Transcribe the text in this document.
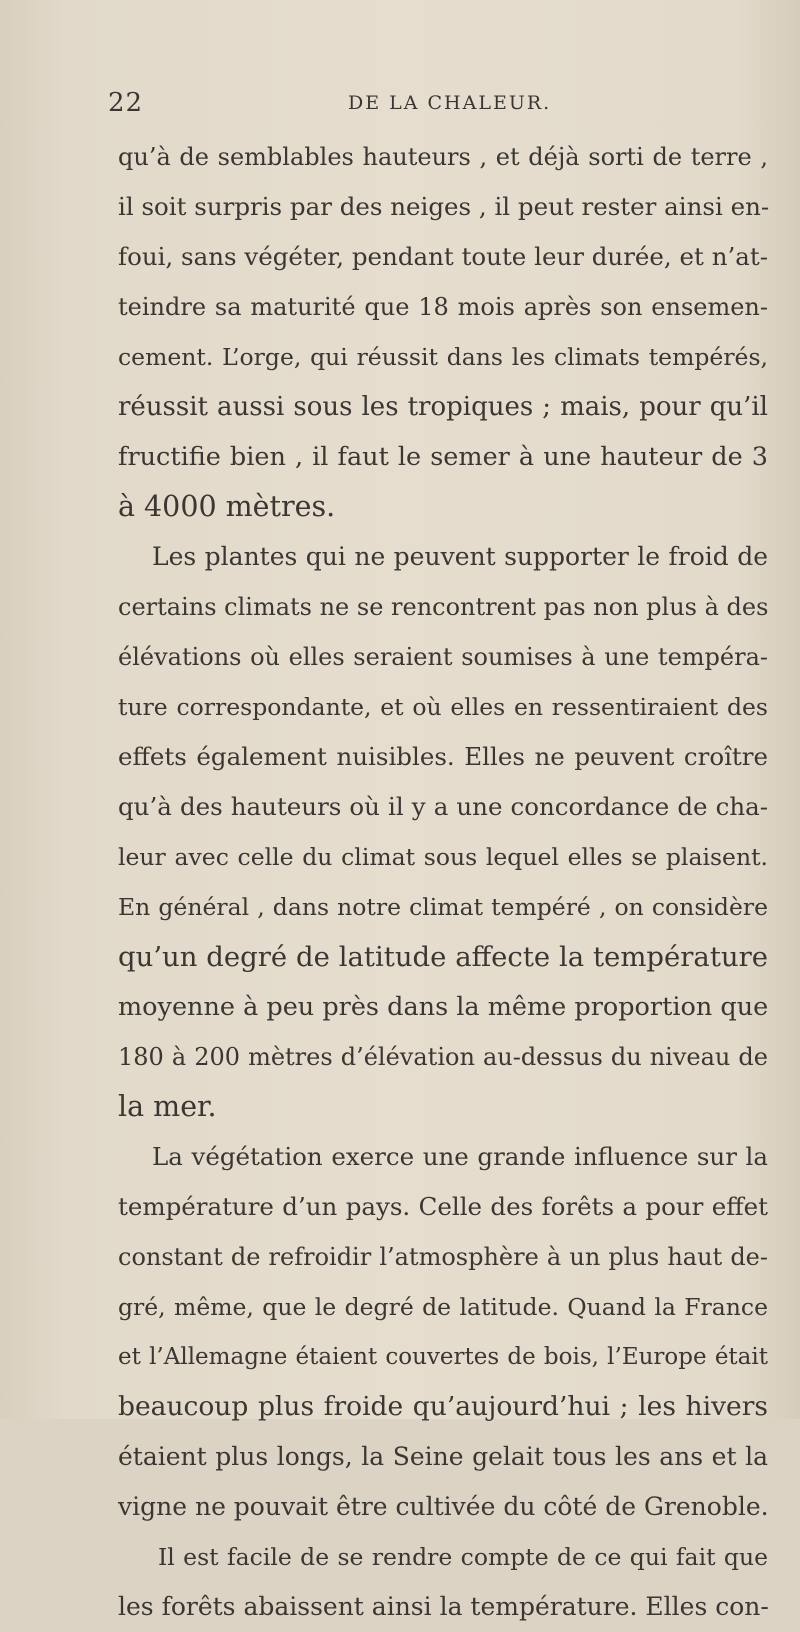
22	DE LA CHALEUR.
qu’à de semblables hauteurs , et déjà sorti de terre ,
il soit surpris par des neiges , il peut rester ainsi en-
foui, sans végéter, pendant toute leur durée, et n’at-
teindre sa maturité que 18 mois après son ensemen-
cement. L’orge, qui réussit dans les climats tempérés,
réussit aussi sous les tropiques ; mais, pour qu’il
fructifie bien , il faut le semer à une hauteur de 3
à 4000 mètres.
Les plantes qui ne peuvent supporter le froid de
certains climats ne se rencontrent pas non plus à des
élévations où elles seraient soumises à une tempéra-
ture correspondante, et où elles en ressentiraient des
effets également nuisibles. Elles ne peuvent croître
qu’à des hauteurs où il y a une concordance de cha-
leur avec celle du climat sous lequel elles se plaisent.
En général , dans notre climat tempéré , on considère
qu’un degré de latitude affecte la température
moyenne à peu près dans la même proportion que
180 à 200 mètres d’élévation au-dessus du niveau de
la mer.
La végétation exerce une grande influence sur la
température d’un pays. Celle des forêts a pour effet
constant de refroidir l’atmosphère à un plus haut de-
gré, même, que le degré de latitude. Quand la France
et l’Allemagne étaient couvertes de bois, l’Europe était
beaucoup plus froide qu’aujourd’hui ; les hivers
étaient plus longs, la Seine gelait tous les ans et la
vigne ne pouvait être cultivée du côté de Grenoble.
Il est facile de se rendre compte de ce qui fait que
les forêts abaissent ainsi la température. Elles con-
